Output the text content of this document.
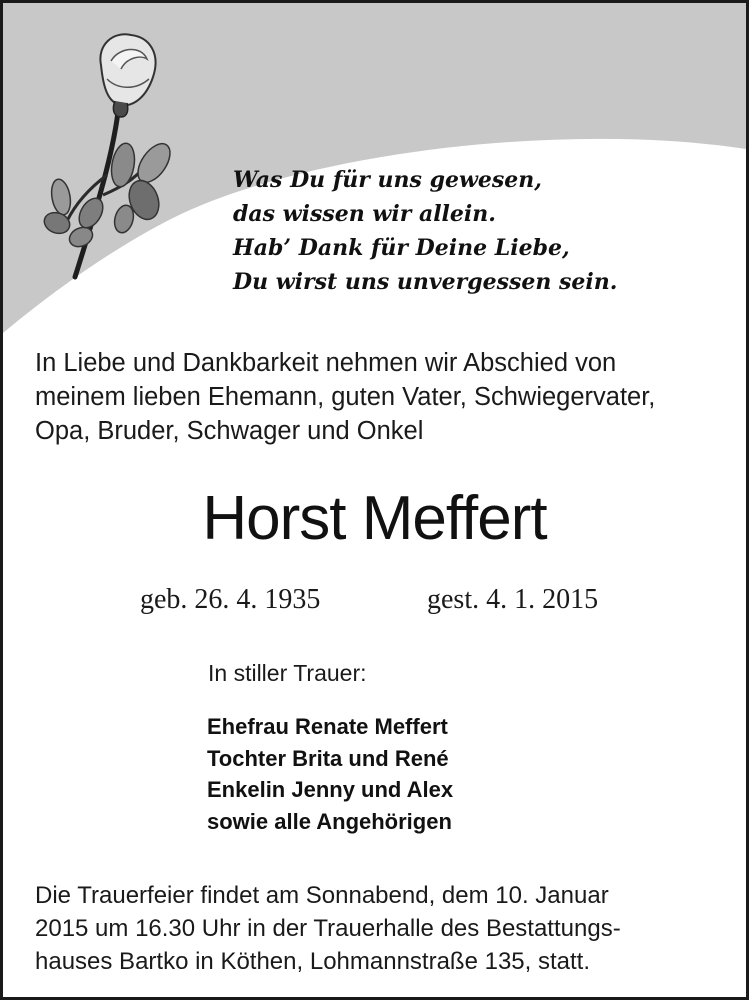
Was Du für uns gewesen,
das wissen wir allein.
Hab’ Dank für Deine Liebe,
Du wirst uns unvergessen sein.
In Liebe und Dankbarkeit nehmen wir Abschied von
meinem lieben Ehemann, guten Vater, Schwiegervater,
Opa, Bruder, Schwager und Onkel
Horst Meffert
geb. 26. 4. 1935	gest. 4. 1. 2015
In stiller Trauer:
Ehefrau Renate Meffert
Tochter Brita und René
Enkelin Jenny und Alex
sowie alle Angehörigen
Die Trauerfeier findet am Sonnabend, dem 10. Januar
2015 um 16.30 Uhr in der Trauerhalle des Bestattungs-
hauses Bartko in Köthen, Lohmannstraße 135, statt.
